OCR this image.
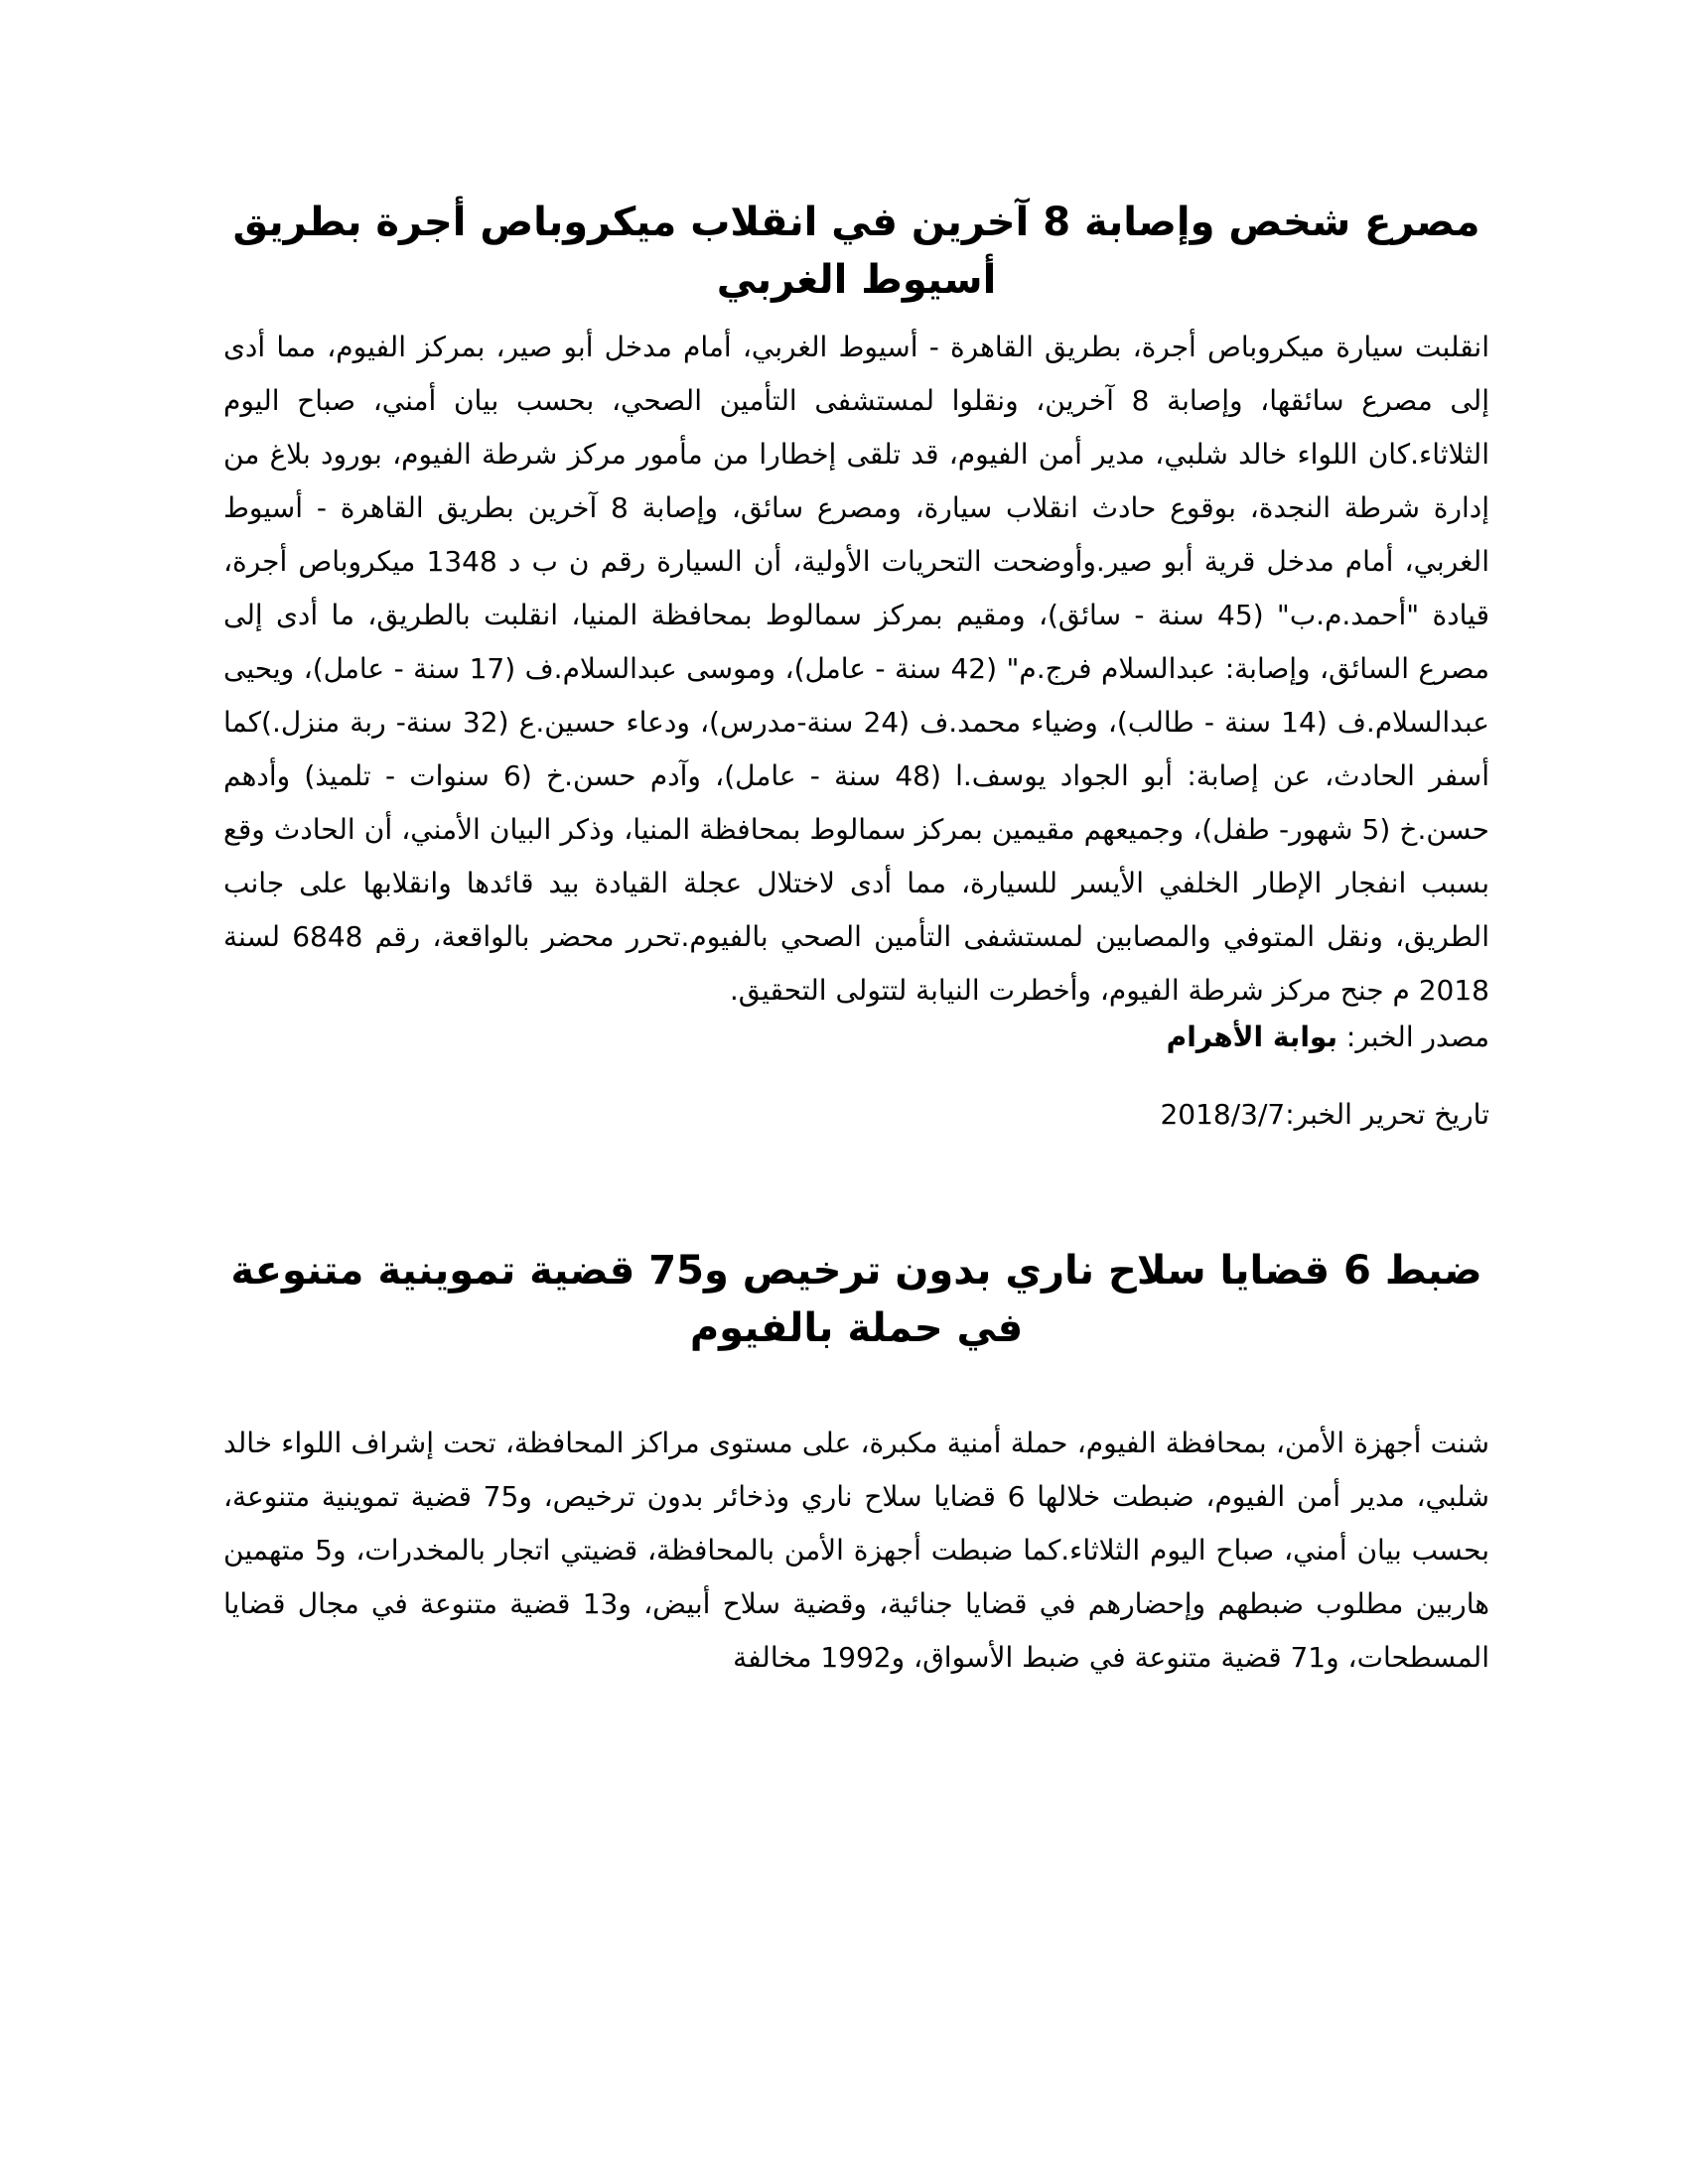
مصرع شخص وإصابة 8 آخرين في انقلاب ميكروباص أجرة بطريق أسيوط الغربي

انقلبت سيارة ميكروباص أجرة، بطريق القاهرة - أسيوط الغربي، أمام مدخل أبو صير، بمركز الفيوم، مما أدى إلى مصرع سائقها، وإصابة 8 آخرين، ونقلوا لمستشفى التأمين الصحي، بحسب بيان أمني، صباح اليوم الثلاثاء.كان اللواء خالد شلبي، مدير أمن الفيوم، قد تلقى إخطارا من مأمور مركز شرطة الفيوم، بورود بلاغ من إدارة شرطة النجدة، بوقوع حادث انقلاب سيارة، ومصرع سائق، وإصابة 8 آخرين بطريق القاهرة - أسيوط الغربي، أمام مدخل قرية أبو صير.وأوضحت التحريات الأولية، أن السيارة رقم ن ب د 1348 ميكروباص أجرة، قيادة "أحمد.م.ب" (45 سنة - سائق)، ومقيم بمركز سمالوط بمحافظة المنيا، انقلبت بالطريق، ما أدى إلى مصرع السائق، وإصابة: عبدالسلام فرج.م" (42 سنة - عامل)، وموسى عبدالسلام.ف (17 سنة - عامل)، ويحيى عبدالسلام.ف (14 سنة - طالب)، وضياء محمد.ف (24 سنة-مدرس)، ودعاء حسين.ع (32 سنة- ربة منزل.)كما أسفر الحادث، عن إصابة: أبو الجواد يوسف.ا (48 سنة - عامل)، وآدم حسن.خ (6 سنوات - تلميذ) وأدهم حسن.خ (5 شهور- طفل)، وجميعهم مقيمين بمركز سمالوط بمحافظة المنيا، وذكر البيان الأمني، أن الحادث وقع بسبب انفجار الإطار الخلفي الأيسر للسيارة، مما أدى لاختلال عجلة القيادة بيد قائدها وانقلابها على جانب الطريق، ونقل المتوفي والمصابين لمستشفى التأمين الصحي بالفيوم.تحرر محضر بالواقعة، رقم 6848 لسنة 2018 م جنح مركز شرطة الفيوم، وأخطرت النيابة لتتولى التحقيق.

مصدر الخبر: بوابة الأهرام
تاريخ تحرير الخبر:2018/3/7
ضبط 6 قضايا سلاح ناري بدون ترخيص و75 قضية تموينية متنوعة في حملة بالفيوم

شنت أجهزة الأمن، بمحافظة الفيوم، حملة أمنية مكبرة، على مستوى مراكز المحافظة، تحت إشراف اللواء خالد شلبي، مدير أمن الفيوم، ضبطت خلالها 6 قضايا سلاح ناري وذخائر بدون ترخيص، و75 قضية تموينية متنوعة، بحسب بيان أمني، صباح اليوم الثلاثاء.كما ضبطت أجهزة الأمن بالمحافظة، قضيتي اتجار بالمخدرات، و5 متهمين هاربين مطلوب ضبطهم وإحضارهم في قضايا جنائية، وقضية سلاح أبيض، و13 قضية متنوعة في مجال قضايا المسطحات، و71 قضية متنوعة في ضبط الأسواق، و1992 مخالفة
